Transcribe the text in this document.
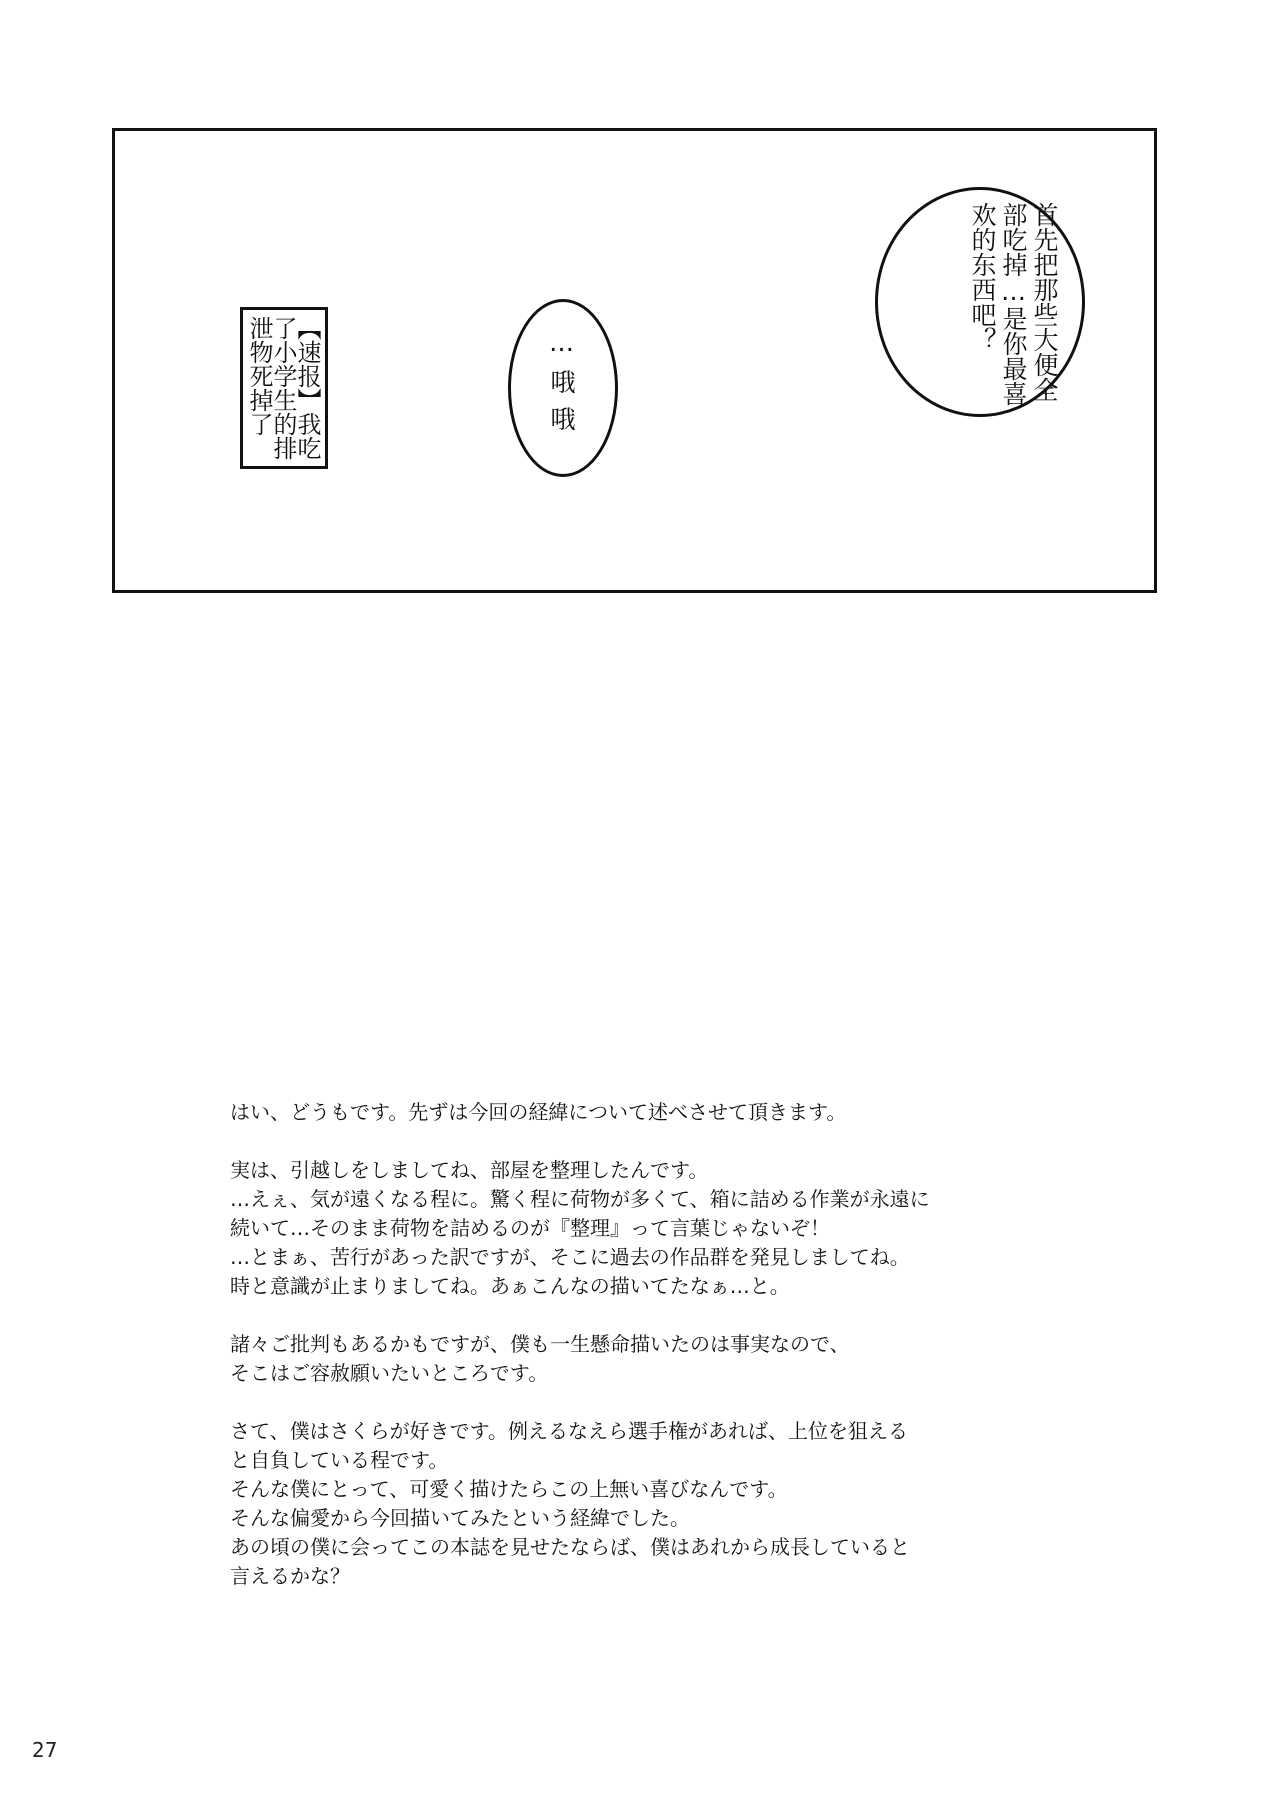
首先把那些大便全部吃掉…是你最喜欢的东西吧？
…哦哦
【速报】我吃了小学生的排泄物死掉了

はい、どうもです。先ずは今回の経緯について述べさせて頂きます。

実は、引越しをしましてね、部屋を整理したんです。
…えぇ、気が遠くなる程に。驚く程に荷物が多くて、箱に詰める作業が永遠に
続いて…そのまま荷物を詰めるのが『整理』って言葉じゃないぞ！
…とまぁ、苦行があった訳ですが、そこに過去の作品群を発見しましてね。
時と意識が止まりましてね。あぁこんなの描いてたなぁ…と。

諸々ご批判もあるかもですが、僕も一生懸命描いたのは事実なので、
そこはご容赦願いたいところです。

さて、僕はさくらが好きです。例えるなえら選手権があれば、上位を狙える
と自負している程です。
そんな僕にとって、可愛く描けたらこの上無い喜びなんです。
そんな偏愛から今回描いてみたという経緯でした。
あの頃の僕に会ってこの本誌を見せたならば、僕はあれから成長していると
言えるかな？

27
